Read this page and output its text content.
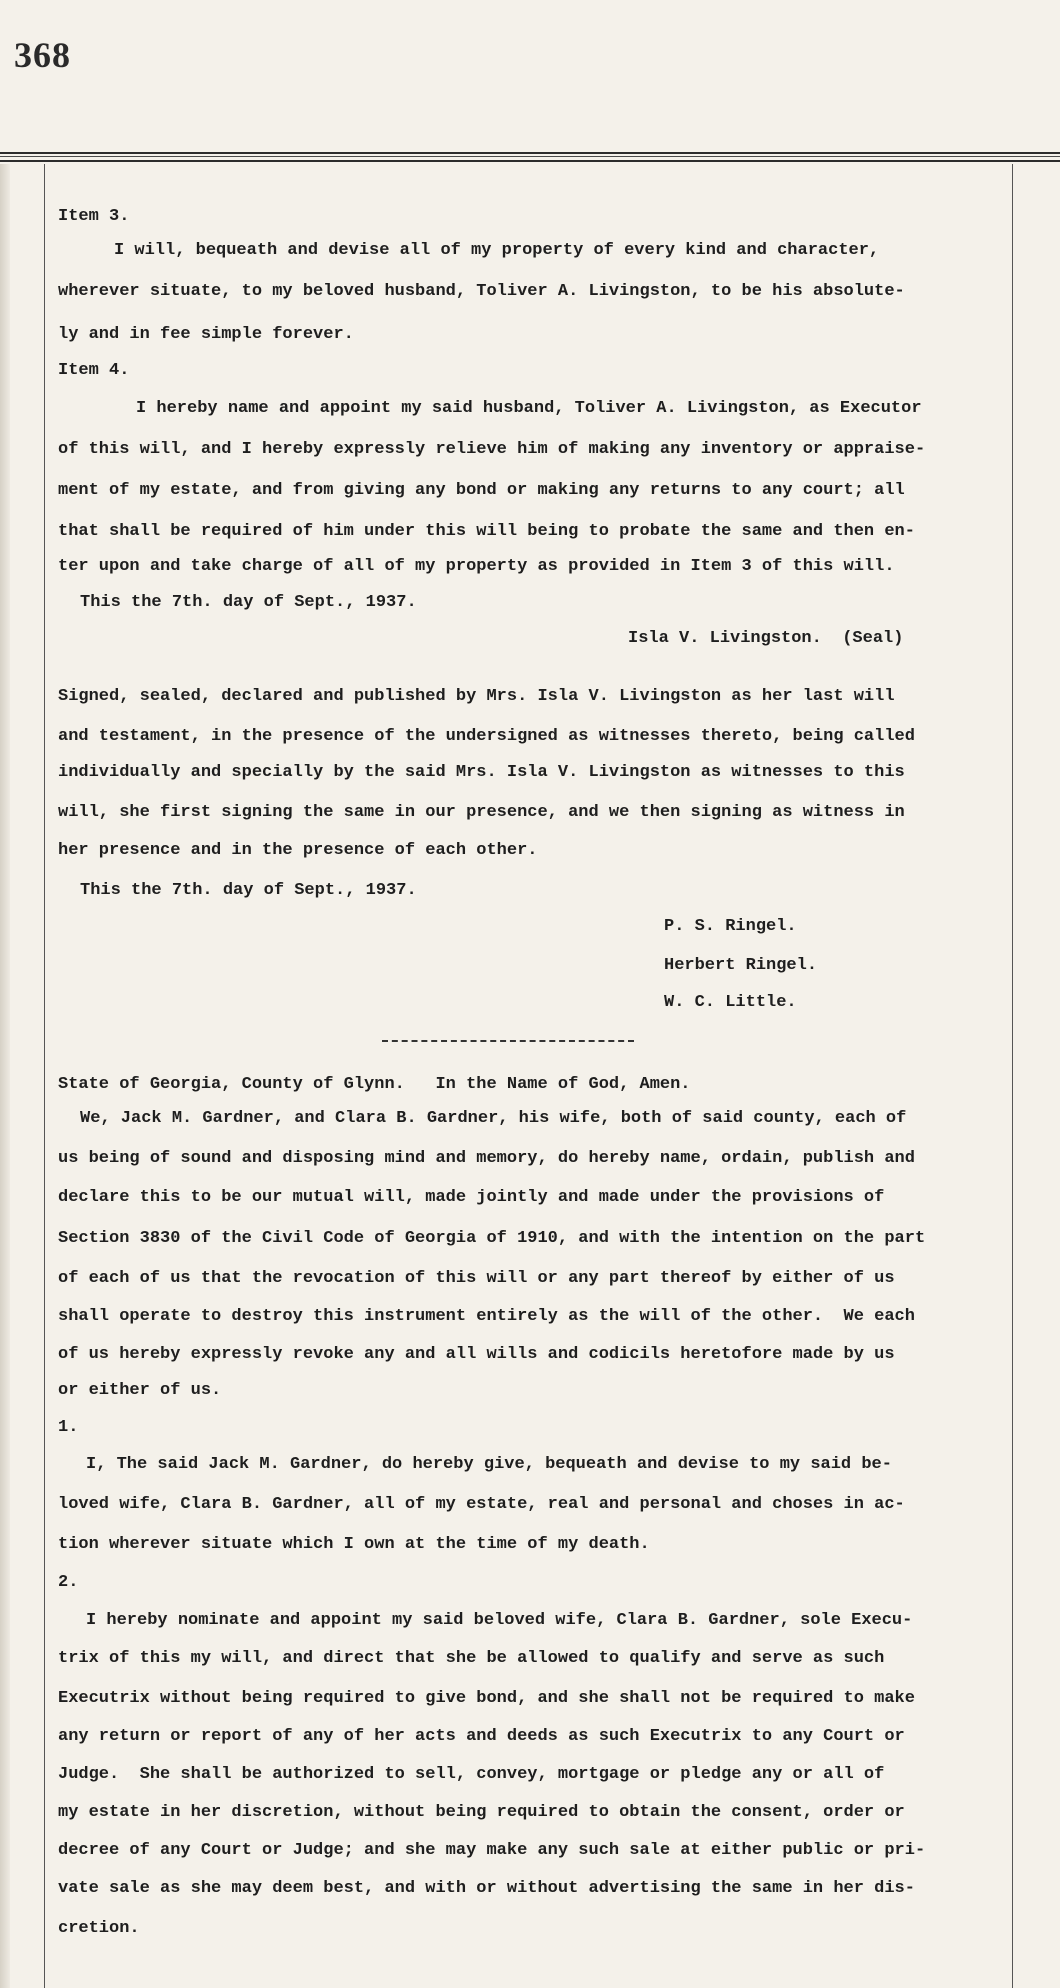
368
Item 3.
I will, bequeath and devise all of my property of every kind and character,
wherever situate, to my beloved husband, Toliver A. Livingston, to be his absolute-
ly and in fee simple forever.
Item 4.
I hereby name and appoint my said husband, Toliver A. Livingston, as Executor
of this will, and I hereby expressly relieve him of making any inventory or appraise-
ment of my estate, and from giving any bond or making any returns to any court; all
that shall be required of him under this will being to probate the same and then en-
ter upon and take charge of all of my property as provided in Item 3 of this will.
This the 7th. day of Sept., 1937.
Isla V. Livingston.  (Seal)
Signed, sealed, declared and published by Mrs. Isla V. Livingston as her last will
and testament, in the presence of the undersigned as witnesses thereto, being called
individually and specially by the said Mrs. Isla V. Livingston as witnesses to this
will, she first signing the same in our presence, and we then signing as witness in
her presence and in the presence of each other.
This the 7th. day of Sept., 1937.
P. S. Ringel.
Herbert Ringel.
W. C. Little.
State of Georgia, County of Glynn.   In the Name of God, Amen.
We, Jack M. Gardner, and Clara B. Gardner, his wife, both of said county, each of
us being of sound and disposing mind and memory, do hereby name, ordain, publish and
declare this to be our mutual will, made jointly and made under the provisions of
Section 3830 of the Civil Code of Georgia of 1910, and with the intention on the part
of each of us that the revocation of this will or any part thereof by either of us
shall operate to destroy this instrument entirely as the will of the other.  We each
of us hereby expressly revoke any and all wills and codicils heretofore made by us
or either of us.
1.
I, The said Jack M. Gardner, do hereby give, bequeath and devise to my said be-
loved wife, Clara B. Gardner, all of my estate, real and personal and choses in ac-
tion wherever situate which I own at the time of my death.
2.
I hereby nominate and appoint my said beloved wife, Clara B. Gardner, sole Execu-
trix of this my will, and direct that she be allowed to qualify and serve as such
Executrix without being required to give bond, and she shall not be required to make
any return or report of any of her acts and deeds as such Executrix to any Court or
Judge.  She shall be authorized to sell, convey, mortgage or pledge any or all of
my estate in her discretion, without being required to obtain the consent, order or
decree of any Court or Judge; and she may make any such sale at either public or pri-
vate sale as she may deem best, and with or without advertising the same in her dis-
cretion.
